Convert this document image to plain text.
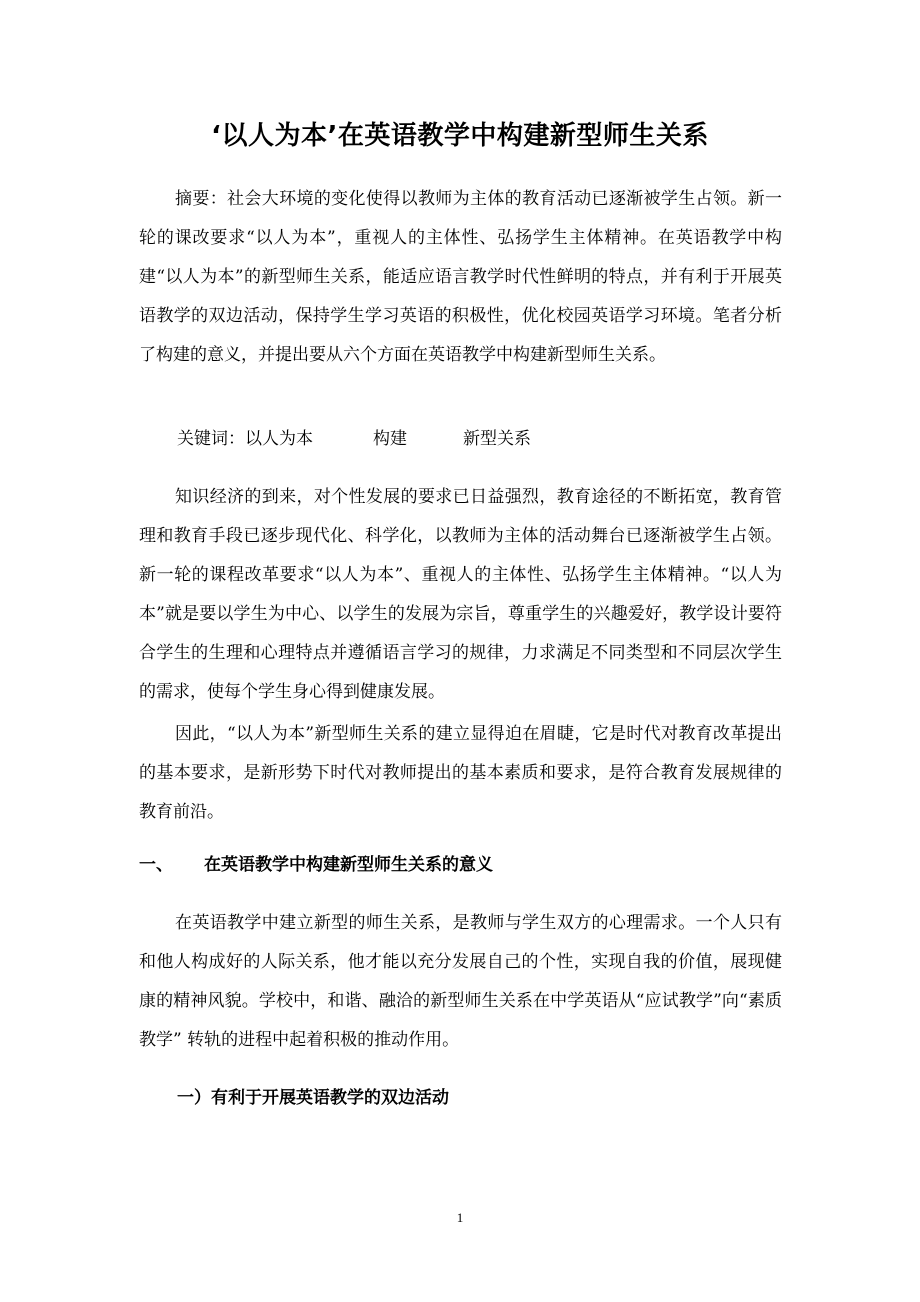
‘以人为本’在英语教学中构建新型师生关系
摘要：社会大环境的变化使得以教师为主体的教育活动已逐渐被学生占领。新一轮的课改要求“以人为本”，重视人的主体性、弘扬学生主体精神。在英语教学中构建“以人为本”的新型师生关系，能适应语言教学时代性鲜明的特点，并有利于开展英语教学的双边活动，保持学生学习英语的积极性，优化校园英语学习环境。笔者分析了构建的意义，并提出要从六个方面在英语教学中构建新型师生关系。
关键词：以人为本	构建	新型关系
知识经济的到来，对个性发展的要求已日益强烈，教育途径的不断拓宽，教育管理和教育手段已逐步现代化、科学化，以教师为主体的活动舞台已逐渐被学生占领。新一轮的课程改革要求“以人为本”、重视人的主体性、弘扬学生主体精神。“以人为本”就是要以学生为中心、以学生的发展为宗旨，尊重学生的兴趣爱好，教学设计要符合学生的生理和心理特点并遵循语言学习的规律，力求满足不同类型和不同层次学生的需求，使每个学生身心得到健康发展。
因此，“以人为本”新型师生关系的建立显得迫在眉睫，它是时代对教育改革提出的基本要求，是新形势下时代对教师提出的基本素质和要求，是符合教育发展规律的教育前沿。
一、 在英语教学中构建新型师生关系的意义
在英语教学中建立新型的师生关系，是教师与学生双方的心理需求。一个人只有和他人构成好的人际关系，他才能以充分发展自己的个性，实现自我的价值，展现健康的精神风貌。学校中，和谐、融洽的新型师生关系在中学英语从“应试教学”向“素质教学” 转轨的进程中起着积极的推动作用。
一）有利于开展英语教学的双边活动
1
